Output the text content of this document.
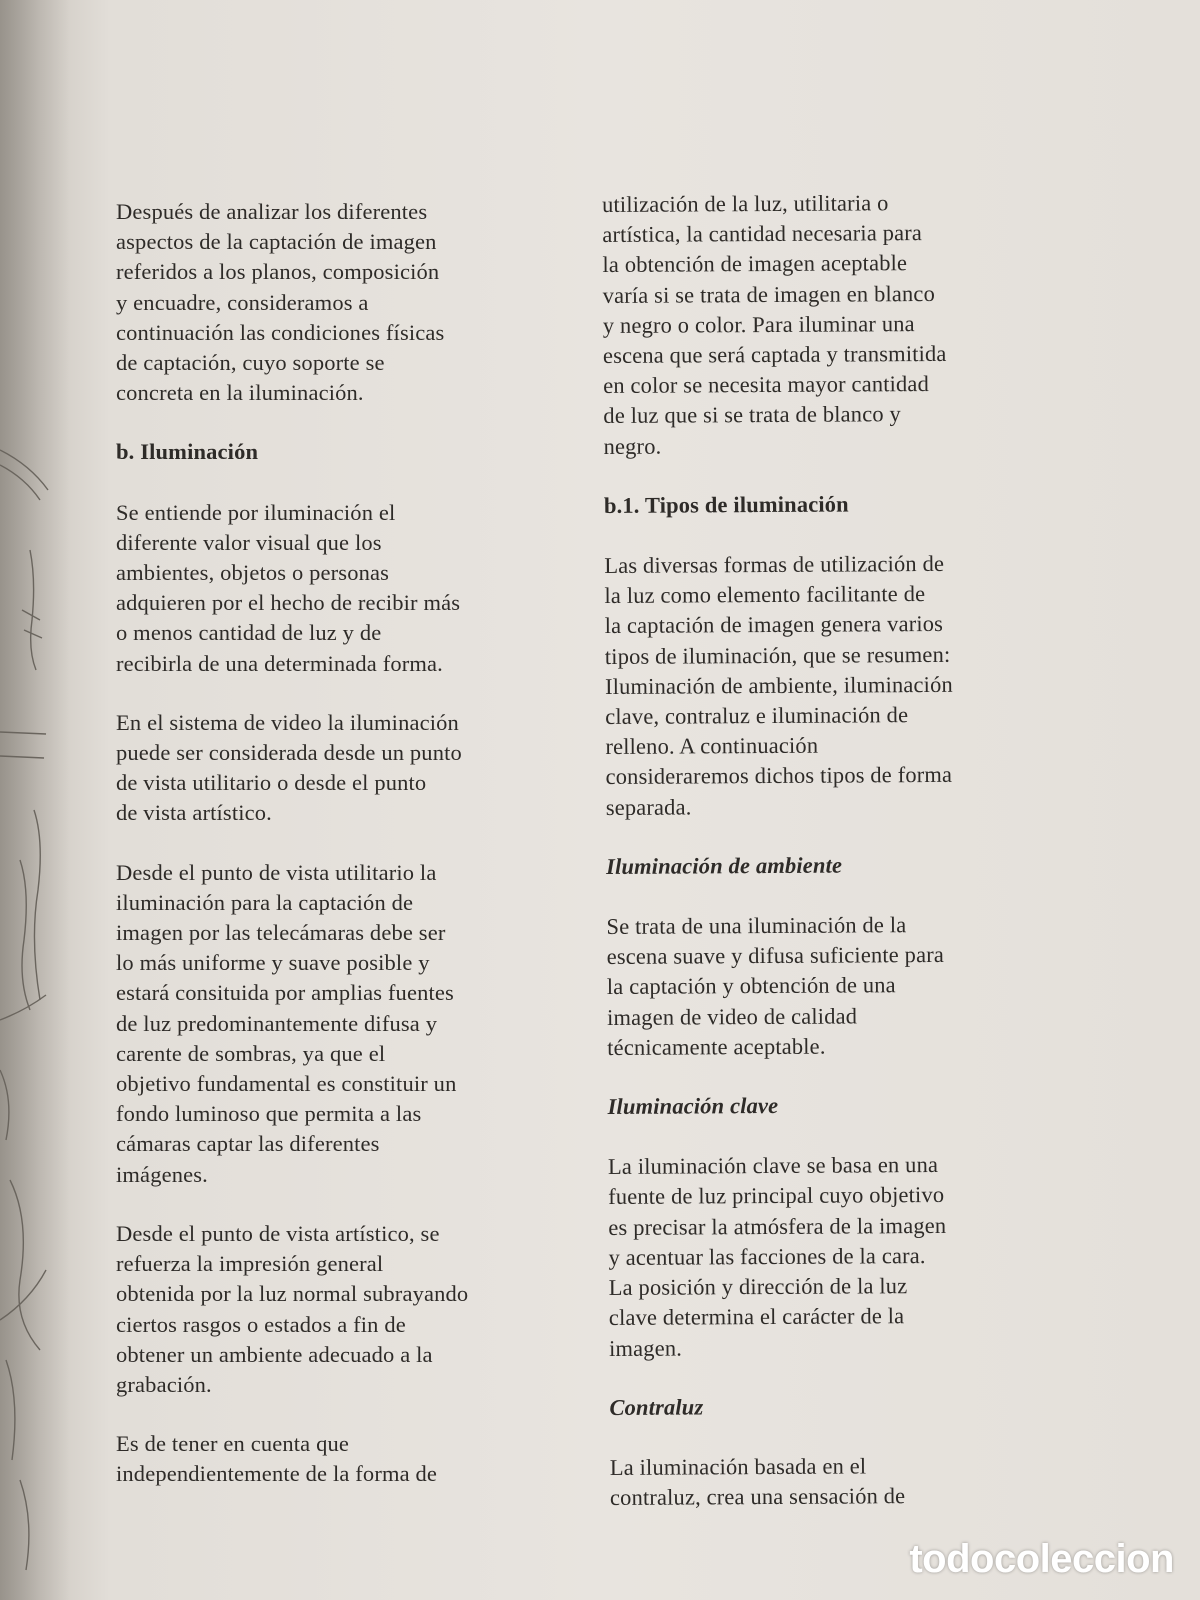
Después de analizar los diferentes
aspectos de la captación de imagen
referidos a los planos, composición
y encuadre, consideramos a
continuación las condiciones físicas
de captación, cuyo soporte se
concreta en la iluminación.

b. Iluminación

Se entiende por iluminación el
diferente valor visual que los
ambientes, objetos o personas
adquieren por el hecho de recibir más
o menos cantidad de luz y de
recibirla de una determinada forma.

En el sistema de video la iluminación
puede ser considerada desde un punto
de vista utilitario o desde el punto
de vista artístico.

Desde el punto de vista utilitario la
iluminación para la captación de
imagen por las telecámaras debe ser
lo más uniforme y suave posible y
estará consituida por amplias fuentes
de luz predominantemente difusa y
carente de sombras, ya que el
objetivo fundamental es constituir un
fondo luminoso que permita a las
cámaras captar las diferentes
imágenes.

Desde el punto de vista artístico, se
refuerza la impresión general
obtenida por la luz normal subrayando
ciertos rasgos o estados a fin de
obtener un ambiente adecuado a la
grabación.

Es de tener en cuenta que
independientemente de la forma de

utilización de la luz, utilitaria o
artística, la cantidad necesaria para
la obtención de imagen aceptable
varía si se trata de imagen en blanco
y negro o color. Para iluminar una
escena que será captada y transmitida
en color se necesita mayor cantidad
de luz que si se trata de blanco y
negro.

b.1. Tipos de iluminación

Las diversas formas de utilización de
la luz como elemento facilitante de
la captación de imagen genera varios
tipos de iluminación, que se resumen:
Iluminación de ambiente, iluminación
clave, contraluz e iluminación de
relleno. A continuación
consideraremos dichos tipos de forma
separada.

Iluminación de ambiente

Se trata de una iluminación de la
escena suave y difusa suficiente para
la captación y obtención de una
imagen de video de calidad
técnicamente aceptable.

Iluminación clave

La iluminación clave se basa en una
fuente de luz principal cuyo objetivo
es precisar la atmósfera de la imagen
y acentuar las facciones de la cara.
La posición y dirección de la luz
clave determina el carácter de la
imagen.

Contraluz

La iluminación basada en el
contraluz, crea una sensación de

todocoleccion
